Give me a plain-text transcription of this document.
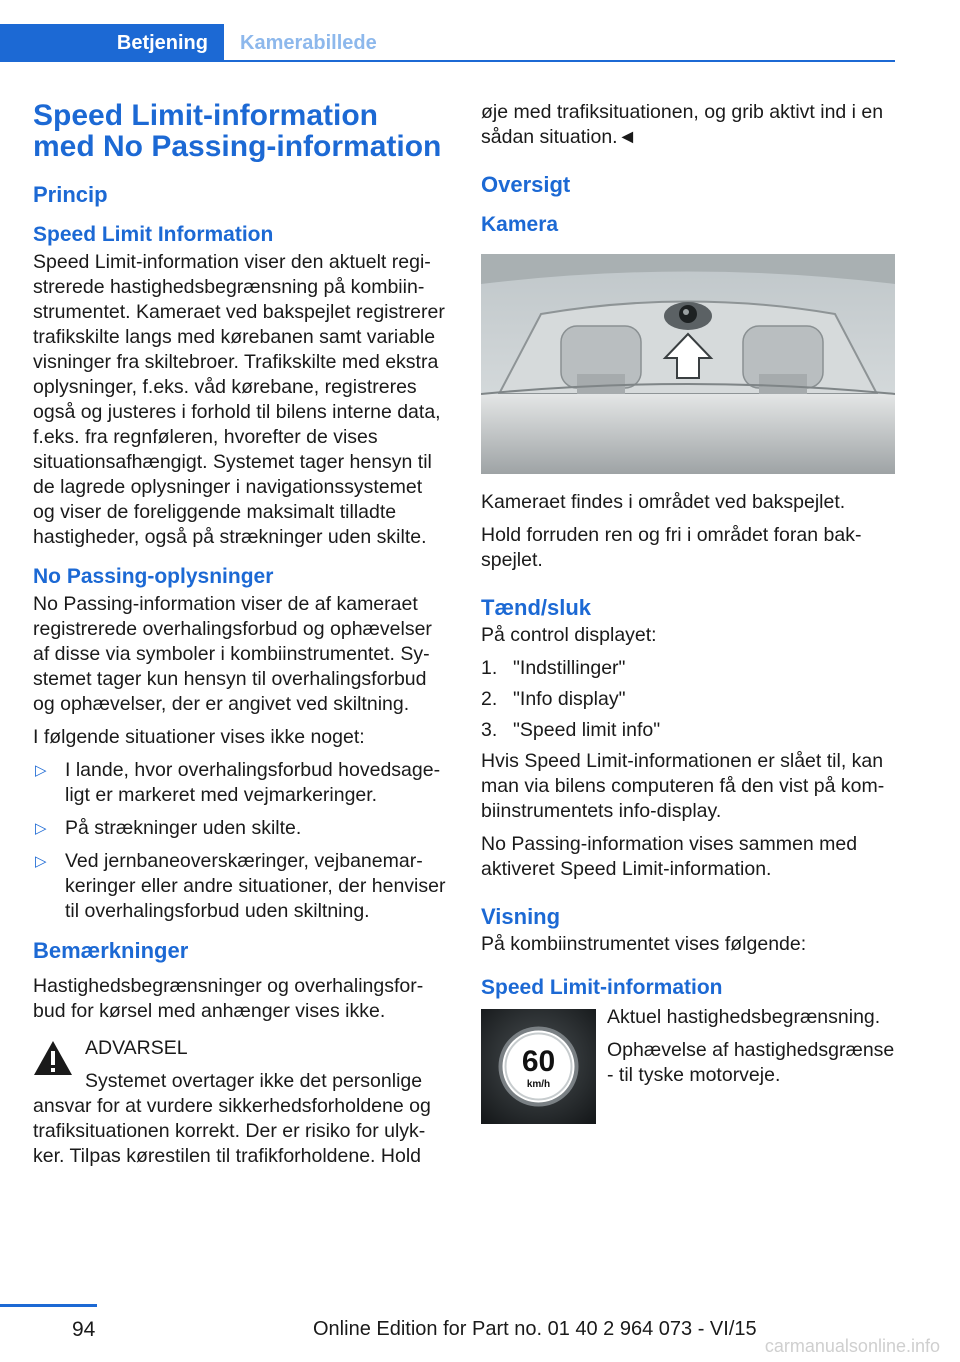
Betjening	Kamerabillede
Speed Limit-information med No Passing-information
Princip
Speed Limit Information

Speed Limit-information viser den aktuelt registrerede hastighedsbegrænsning på kombiinstrumentet. Kameraet ved bakspejlet registrerer trafikskilte langs med kørebanen samt variable visninger fra skiltebroer. Trafikskilte med ekstra oplysninger, f.eks. våd kørebane, registreres også og justeres i forhold til bilens interne data, f.eks. fra regnføleren, hvorefter de vises situationsafhængigt. Systemet tager hensyn til de lagrede oplysninger i navigationssystemet og viser de foreliggende maksimalt tilladte hastigheder, også på strækninger uden skilte.

No Passing-oplysninger

No Passing-information viser de af kameraet registrerede overhalingsforbud og ophævelser af disse via symboler i kombiinstrumentet. Systemet tager kun hensyn til overhalingsforbud og ophævelser, der er angivet ved skiltning.

I følgende situationer vises ikke noget:

▷ I lande, hvor overhalingsforbud hovedsageligt er markeret med vejmarkeringer.
▷ På strækninger uden skilte.
▷ Ved jernbaneoverskæringer, vejbanemarkeringer eller andre situationer, der henviser til overhalingsforbud uden skiltning.
Bemærkninger

Hastighedsbegrænsninger og overhalingsforbud for kørsel med anhænger vises ikke.

ADVARSEL
Systemet overtager ikke det personlige
ansvar for at vurdere sikkerhedsforholdene og trafiksituationen korrekt. Der er risiko for ulykker. Tilpas kørestilen til trafikforholdene. Hold

øje med trafiksituationen, og grib aktivt ind i en sådan situation.◄

Oversigt
Kamera

Kameraet findes i området ved bakspejlet.

Hold forruden ren og fri i området foran bakspejlet.

Tænd/sluk

På control displayet:

1. "Indstillinger"
2. "Info display"
3. "Speed limit info"

Hvis Speed Limit-informationen er slået til, kan man via bilens computeren få den vist på kombiinstrumentets info-display.

No Passing-information vises sammen med aktiveret Speed Limit-information.

Visning

På kombiinstrumentet vises følgende:

Speed Limit-information
60
km/h

Aktuel hastighedsbegrænsning.

Ophævelse af hastighedsgrænse - til tyske motorveje.

94	Online Edition for Part no. 01 40 2 964 073 - VI/15
carmanualsonline.info
